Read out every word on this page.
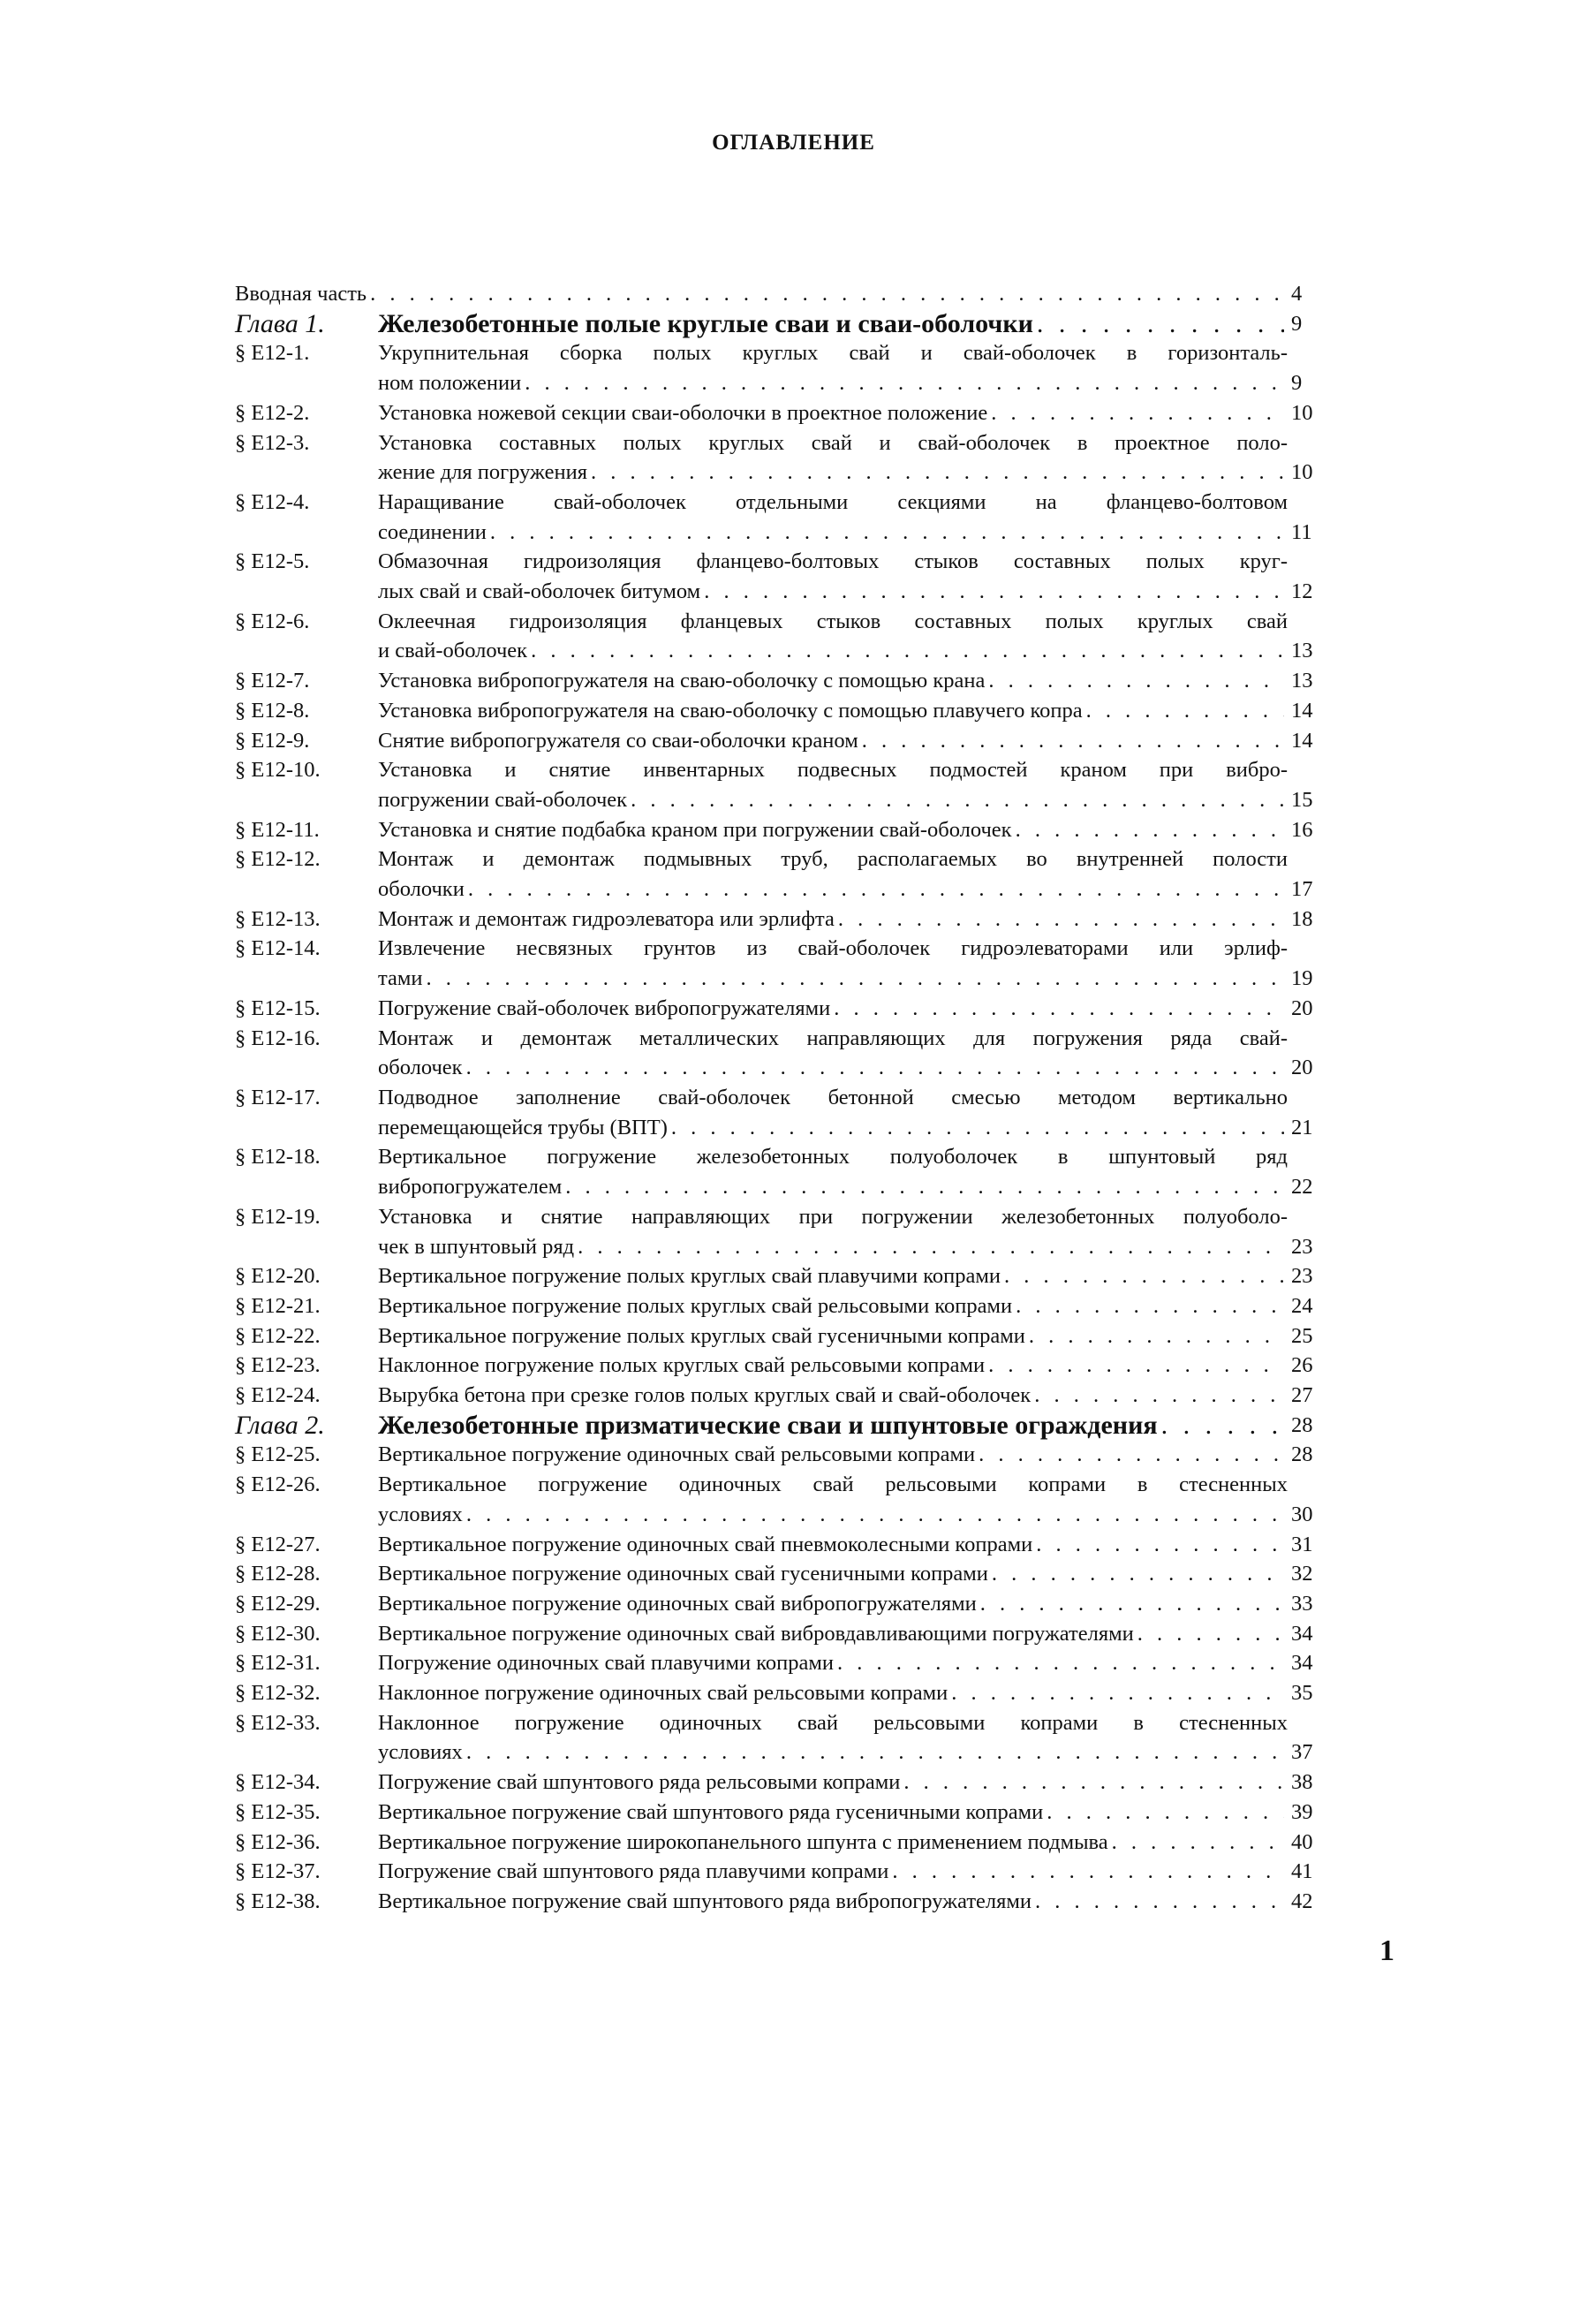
ОГЛАВЛЕНИЕ
Вводная часть . . .	4
Глава 1. Железобетонные полые круглые сваи и сваи-оболочки . . .	9
§ Е12-1.	Укрупнительная сборка полых круглых свай и свай-оболочек в горизонталь-
ном положении . . .	9
§ Е12-2.	Установка ножевой секции сваи-оболочки в проектное положение . . .	10
§ Е12-3.	Установка составных полых круглых свай и свай-оболочек в проектное поло-
жение для погружения . . .	10
§ Е12-4.	Наращивание свай-оболочек отдельными секциями на фланцево-болтовом
соединении . . .	11
§ Е12-5.	Обмазочная гидроизоляция фланцево-болтовых стыков составных полых круг-
лых свай и свай-оболочек битумом . . .	12
§ Е12-6.	Оклеечная гидроизоляция фланцевых стыков составных полых круглых свай
и свай-оболочек . . .	13
§ Е12-7.	Установка вибропогружателя на сваю-оболочку с помощью крана . . .	13
§ Е12-8.	Установка вибропогружателя на сваю-оболочку с помощью плавучего копра . . .	14
§ Е12-9.	Снятие вибропогружателя со сваи-оболочки краном . . .	14
§ Е12-10.	Установка и снятие инвентарных подвесных подмостей краном при вибро-
погружении свай-оболочек . . .	15
§ Е12-11.	Установка и снятие подбабка краном при погружении свай-оболочек . . .	16
§ Е12-12.	Монтаж и демонтаж подмывных труб, располагаемых во внутренней полости
оболочки . . .	17
§ Е12-13.	Монтаж и демонтаж гидроэлеватора или эрлифта . . .	18
§ Е12-14.	Извлечение несвязных грунтов из свай-оболочек гидроэлеваторами или эрлиф-
тами . . .	19
§ Е12-15.	Погружение свай-оболочек вибропогружателями . . .	20
§ Е12-16.	Монтаж и демонтаж металлических направляющих для погружения ряда свай-
оболочек . . .	20
§ Е12-17.	Подводное заполнение свай-оболочек бетонной смесью методом вертикально
перемещающейся трубы (ВПТ) . . .	21
§ Е12-18.	Вертикальное погружение железобетонных полуоболочек в шпунтовый ряд
вибропогружателем . . .	22
§ Е12-19.	Установка и снятие направляющих при погружении железобетонных полуоболо-
чек в шпунтовый ряд . . .	23
§ Е12-20.	Вертикальное погружение полых круглых свай плавучими копрами . . .	23
§ Е12-21.	Вертикальное погружение полых круглых свай рельсовыми копрами . . .	24
§ Е12-22.	Вертикальное погружение полых круглых свай гусеничными копрами . . .	25
§ Е12-23.	Наклонное погружение полых круглых свай рельсовыми копрами . . .	26
§ Е12-24.	Вырубка бетона при срезке голов полых круглых свай и свай-оболочек . . .	27
Глава 2. Железобетонные призматические сваи и шпунтовые ограждения . . .	28
§ Е12-25.	Вертикальное погружение одиночных свай рельсовыми копрами . . .	28
§ Е12-26.	Вертикальное погружение одиночных свай рельсовыми копрами в стесненных
условиях . . .	30
§ Е12-27.	Вертикальное погружение одиночных свай пневмоколесными копрами . . .	31
§ Е12-28.	Вертикальное погружение одиночных свай гусеничными копрами . . .	32
§ Е12-29.	Вертикальное погружение одиночных свай вибропогружателями . . .	33
§ Е12-30.	Вертикальное погружение одиночных свай вибровдавливающими погружателями . . .	34
§ Е12-31.	Погружение одиночных свай плавучими копрами . . .	34
§ Е12-32.	Наклонное погружение одиночных свай рельсовыми копрами . . .	35
§ Е12-33.	Наклонное погружение одиночных свай рельсовыми копрами в стесненных
условиях . . .	37
§ Е12-34.	Погружение свай шпунтового ряда рельсовыми копрами . . .	38
§ Е12-35.	Вертикальное погружение свай шпунтового ряда гусеничными копрами . . .	39
§ Е12-36.	Вертикальное погружение широкопанельного шпунта с применением подмыва . . .	40
§ Е12-37.	Погружение свай шпунтового ряда плавучими копрами . . .	41
§ Е12-38.	Вертикальное погружение свай шпунтового ряда вибропогружателями . . .	42
1
